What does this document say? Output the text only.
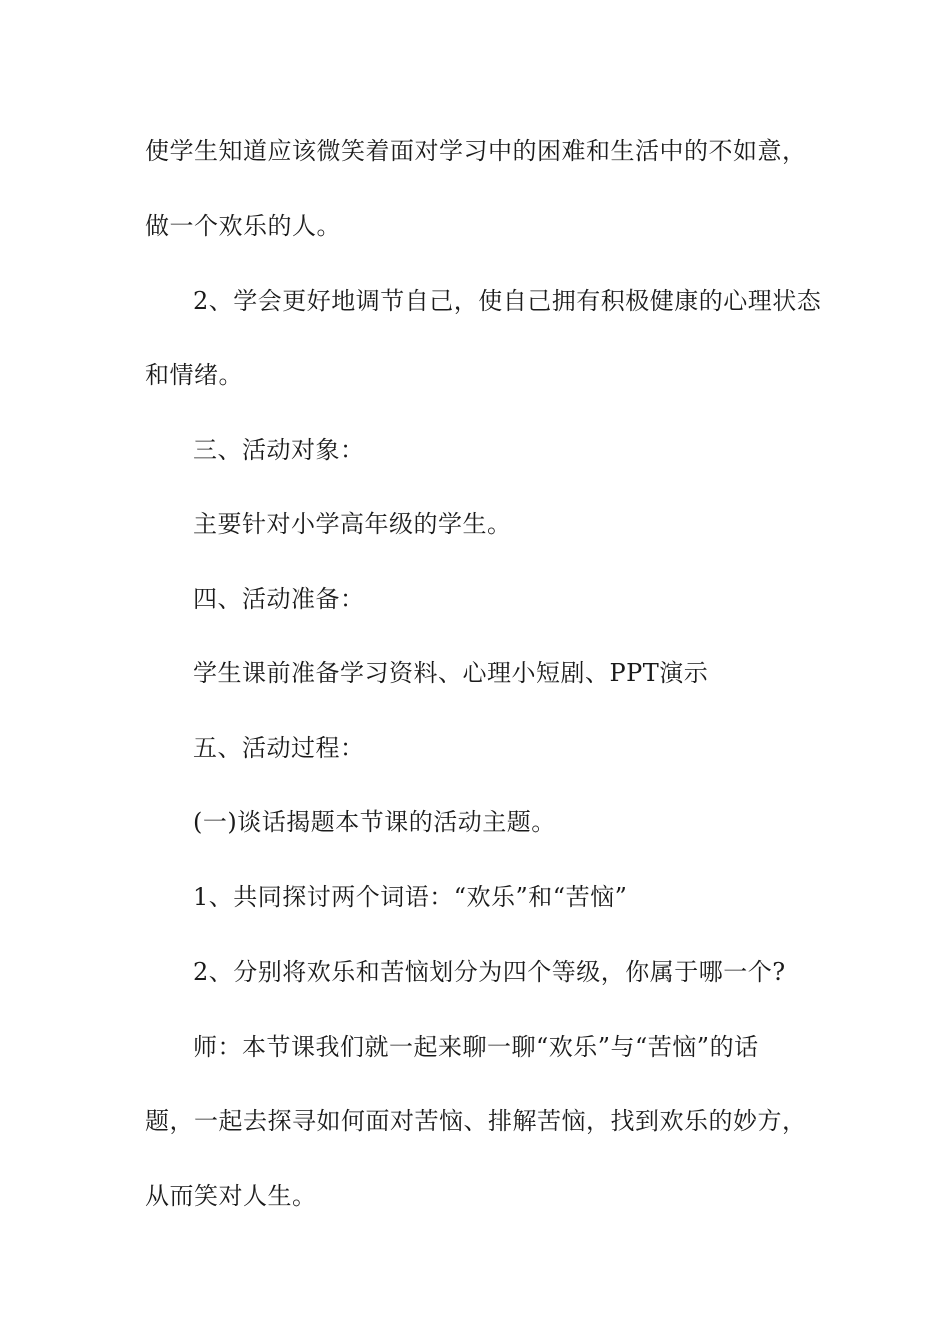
使学生知道应该微笑着面对学习中的困难和生活中的不如意，
做一个欢乐的人。
2、学会更好地调节自己，使自己拥有积极健康的心理状态
和情绪。
三、活动对象：
主要针对小学高年级的学生。
四、活动准备：
学生课前准备学习资料、心理小短剧、PPT演示
五、活动过程：
(一)谈话揭题本节课的活动主题。
1、共同探讨两个词语：“欢乐”和“苦恼”
2、分别将欢乐和苦恼划分为四个等级，你属于哪一个?
师：本节课我们就一起来聊一聊“欢乐”与“苦恼”的话
题，一起去探寻如何面对苦恼、排解苦恼，找到欢乐的妙方，
从而笑对人生。
